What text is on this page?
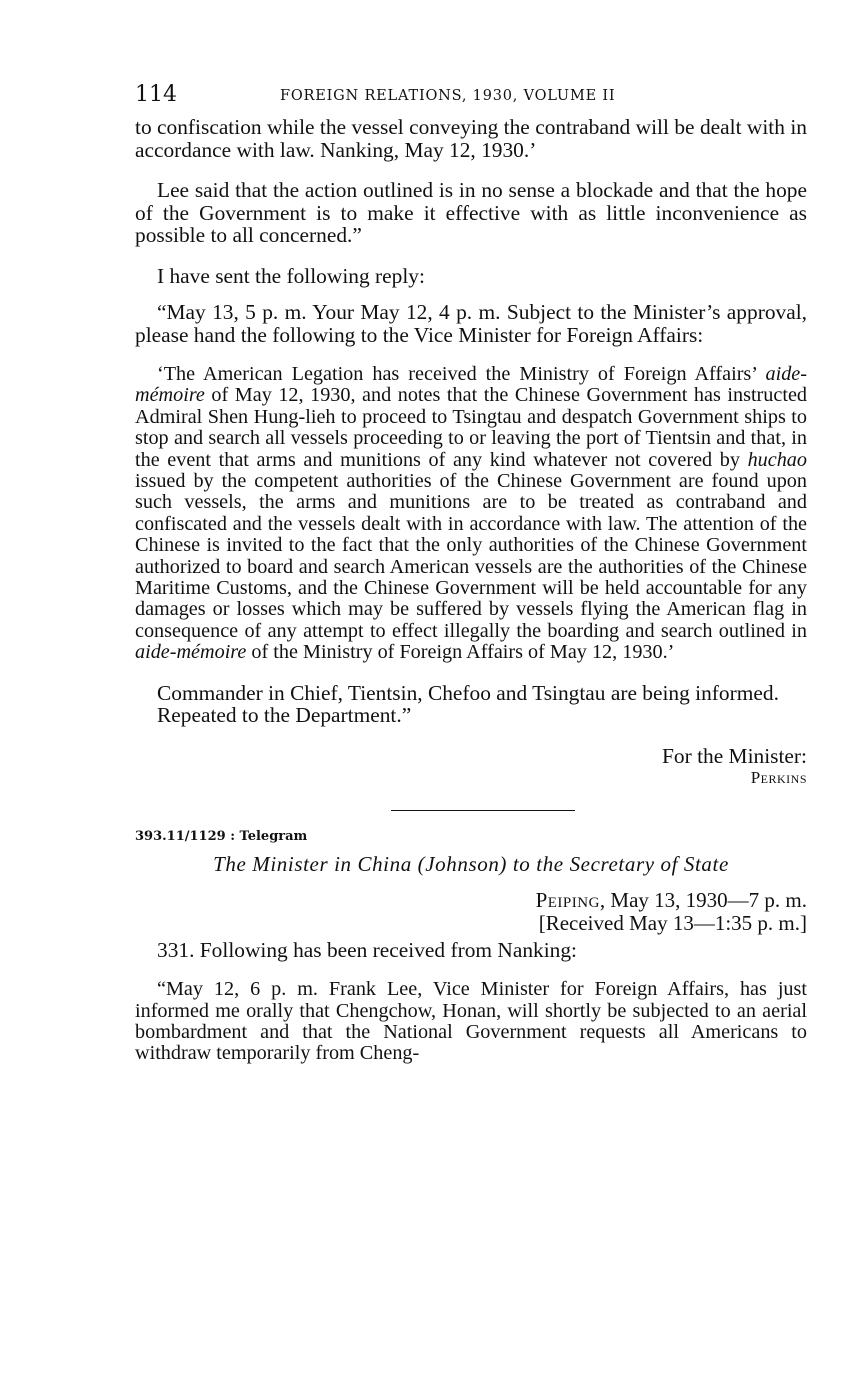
114	FOREIGN RELATIONS, 1930, VOLUME II

to confiscation while the vessel conveying the contraband will be dealt with in accordance with law. Nanking, May 12, 1930.’

Lee said that the action outlined is in no sense a blockade and that the hope of the Government is to make it effective with as little inconvenience as possible to all concerned.”

I have sent the following reply:

“May 13, 5 p. m. Your May 12, 4 p. m. Subject to the Minister’s approval, please hand the following to the Vice Minister for Foreign Affairs:

‘The American Legation has received the Ministry of Foreign Affairs’ aide-mémoire of May 12, 1930, and notes that the Chinese Government has instructed Admiral Shen Hung-lieh to proceed to Tsingtau and despatch Government ships to stop and search all vessels proceeding to or leaving the port of Tientsin and that, in the event that arms and munitions of any kind whatever not covered by huchao issued by the competent authorities of the Chinese Government are found upon such vessels, the arms and munitions are to be treated as contraband and confiscated and the vessels dealt with in accordance with law. The attention of the Chinese is invited to the fact that the only authorities of the Chinese Government authorized to board and search American vessels are the authorities of the Chinese Maritime Customs, and the Chinese Government will be held accountable for any damages or losses which may be suffered by vessels flying the American flag in consequence of any attempt to effect illegally the boarding and search outlined in aide-mémoire of the Ministry of Foreign Affairs of May 12, 1930.’

Commander in Chief, Tientsin, Chefoo and Tsingtau are being informed.

Repeated to the Department.”

For the Minister:
Perkins
393.11/1129 : Telegram
The Minister in China (Johnson) to the Secretary of State
Peiping, May 13, 1930—7 p. m.
[Received May 13—1:35 p. m.]

331. Following has been received from Nanking:

“May 12, 6 p. m. Frank Lee, Vice Minister for Foreign Affairs, has just informed me orally that Chengchow, Honan, will shortly be subjected to an aerial bombardment and that the National Government requests all Americans to withdraw temporarily from Cheng-
